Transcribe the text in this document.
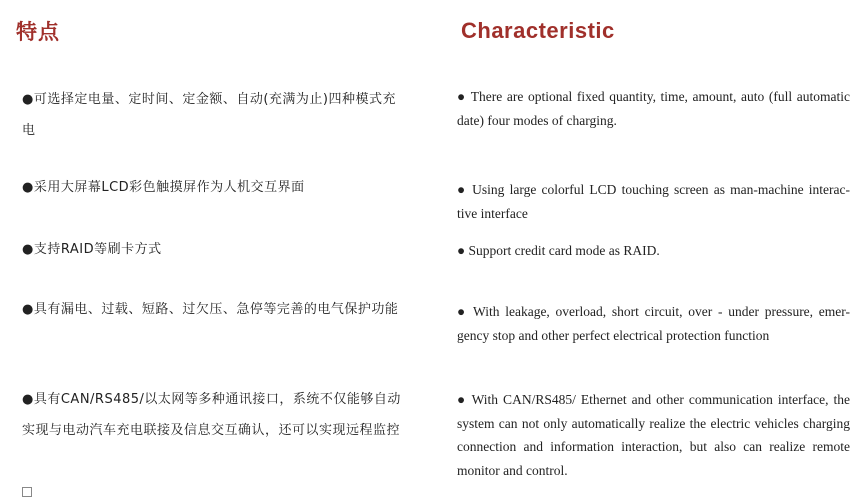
特点	Characteristic

●可选择定电量、定时间、定金额、自动(充满为止)四种模式充电

●采用大屏幕LCD彩色触摸屏作为人机交互界面

●支持RAID等刷卡方式

●具有漏电、过载、短路、过欠压、急停等完善的电气保护功能

●具有CAN/RS485/以太网等多种通讯接口，系统不仅能够自动实现与电动汽车充电联接及信息交互确认，还可以实现远程监控

● There are optional fixed quantity, time, amount, auto (full automatic date) four modes of charging.

● Using large colorful LCD touching screen as man-machine interac-tive interface

● Support credit card mode as RAID.

● With leakage, overload, short circuit, over - under pressure, emer-gency stop and other perfect electrical protection function

● With CAN/RS485/ Ethernet and other communication interface, the system can not only automatically realize the electric vehicles charging connection and information interaction, but also can realize remote monitor and control.
